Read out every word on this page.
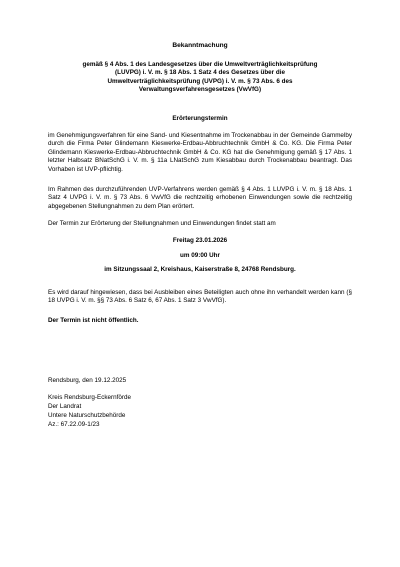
Bekanntmachung
gemäß § 4 Abs. 1 des Landesgesetzes über die Umweltverträglichkeitsprüfung
(LUVPG) i. V. m. § 18 Abs. 1 Satz 4 des Gesetzes über die
Umweltverträglichkeitsprüfung (UVPG) i. V. m. § 73 Abs. 6 des
Verwaltungsverfahrensgesetzes (VwVfG)
Erörterungstermin
im Genehmigungsverfahren für eine Sand- und Kiesentnahme im Trockenabbau in der Gemeinde Gammelby durch die Firma Peter Glindemann Kieswerke-Erdbau-Abbruchtechnik GmbH & Co. KG. Die Firma Peter Glindemann Kieswerke-Erdbau-Abbruchtechnik GmbH & Co. KG hat die Genehmigung gemäß § 17 Abs. 1 letzter Halbsatz BNatSchG i. V. m. § 11a LNatSchG zum Kiesabbau durch Trockenabbau beantragt. Das Vorhaben ist UVP-pflichtig.
Im Rahmen des durchzuführenden UVP-Verfahrens werden gemäß § 4 Abs. 1 LUVPG i. V. m. § 18 Abs. 1 Satz 4 UVPG i. V. m. § 73 Abs. 6 VwVfG die rechtzeitig erhobenen Einwendungen sowie die rechtzeitig abgegebenen Stellungnahmen zu dem Plan erörtert.
Der Termin zur Erörterung der Stellungnahmen und Einwendungen findet statt am
Freitag 23.01.2026
um 09:00 Uhr
im Sitzungssaal 2, Kreishaus, Kaiserstraße 8, 24768 Rendsburg.
Es wird darauf hingewiesen, dass bei Ausbleiben eines Beteiligten auch ohne ihn verhandelt werden kann (§ 18 UVPG i. V. m. §§ 73 Abs. 6 Satz 6, 67 Abs. 1 Satz 3 VwVfG).
Der Termin ist nicht öffentlich.
Rendsburg, den 19.12.2025
Kreis Rendsburg-Eckernförde
Der Landrat
Untere Naturschutzbehörde
Az.: 67.22.09-1/23
